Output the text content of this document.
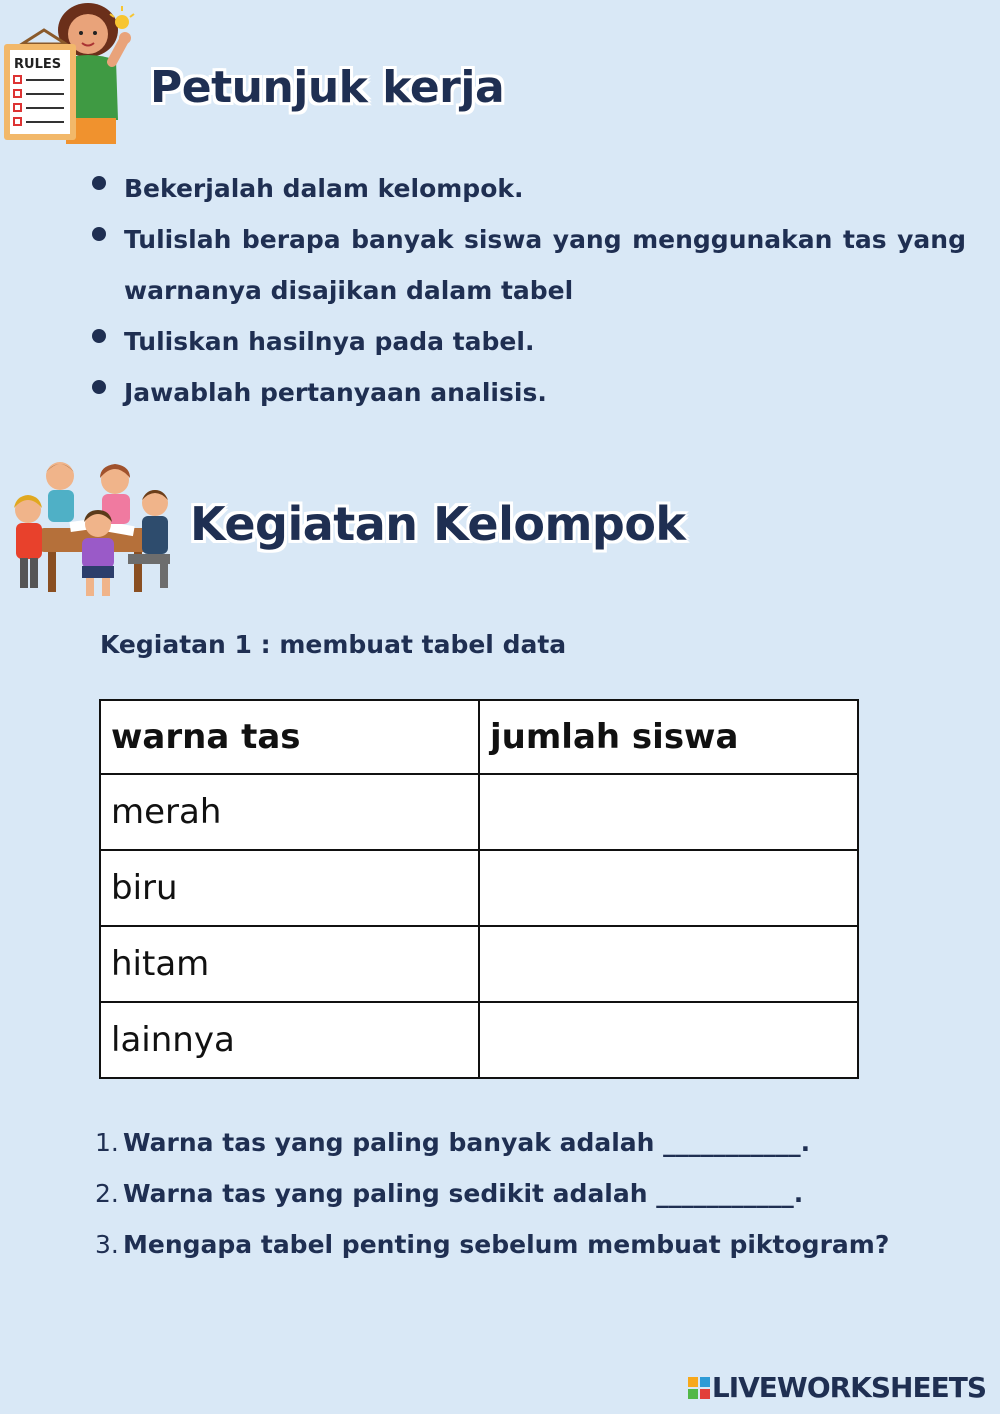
RULES Petunjuk kerja
Bekerjalah dalam kelompok.
Tulislah berapa banyak siswa yang menggunakan tas yang warnanya disajikan dalam tabel
Tuliskan hasilnya pada tabel.
Jawablah pertanyaan analisis.
Kegiatan Kelompok
Kegiatan 1 : membuat tabel data
warna tas	jumlah siswa
merah	
biru	
hitam	
lainnya	
1. Warna tas yang paling banyak adalah ___________.
2. Warna tas yang paling sedikit adalah ___________.
3. Mengapa tabel penting sebelum membuat piktogram?
LIVEWORKSHEETS
